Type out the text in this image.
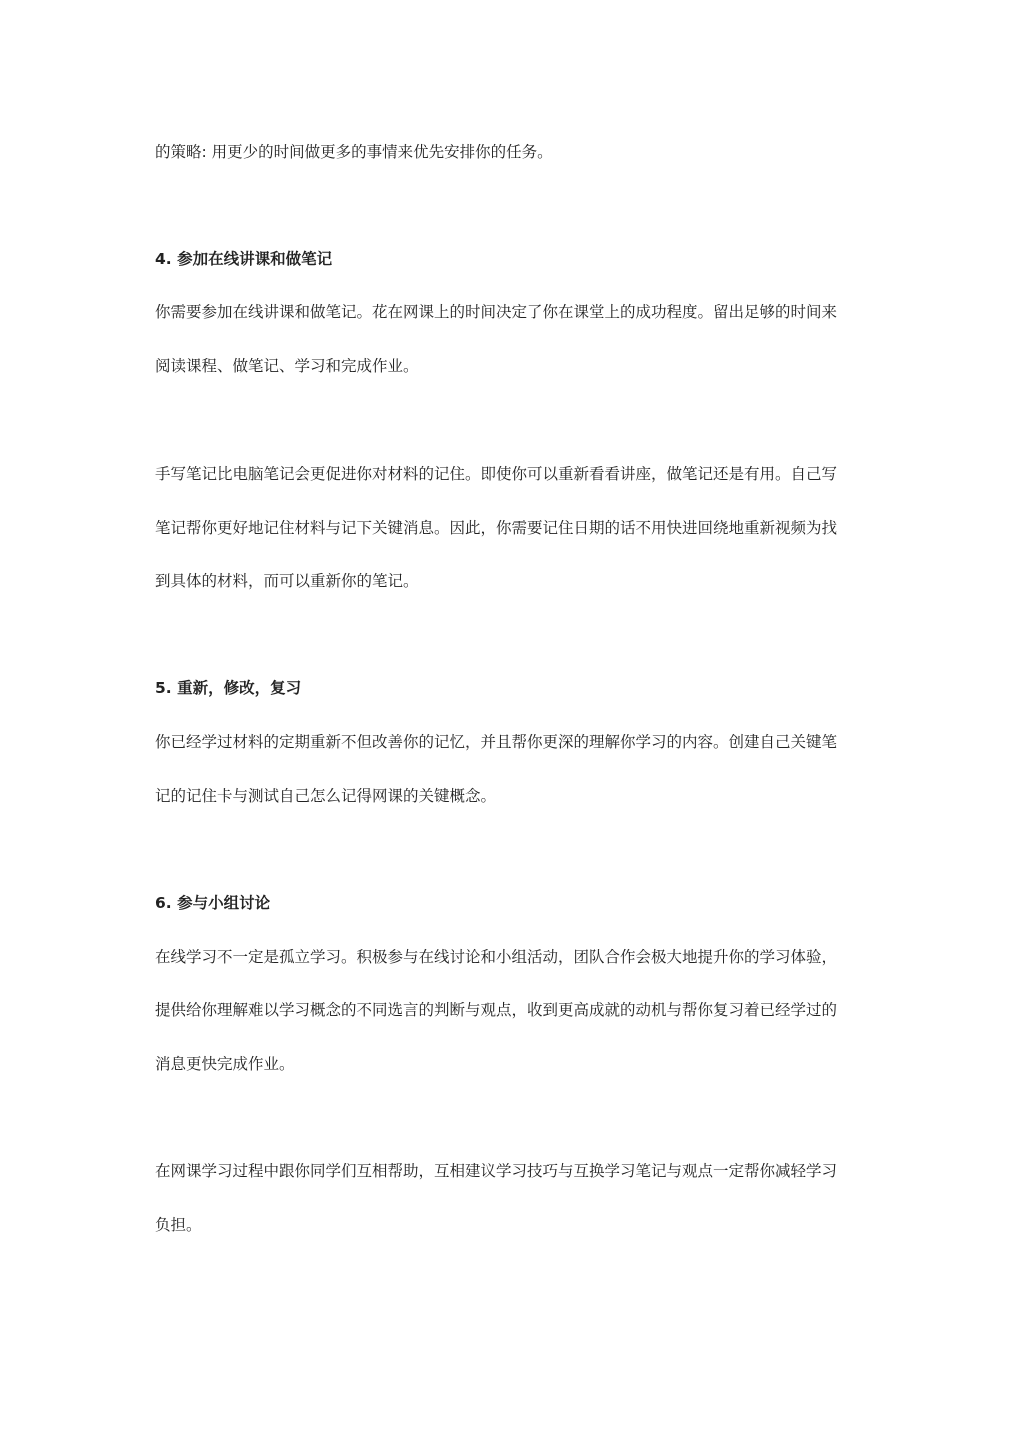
的策略: 用更少的时间做更多的事情来优先安排你的任务。
4. 参加在线讲课和做笔记
你需要参加在线讲课和做笔记。花在网课上的时间决定了你在课堂上的成功程度。留出足够的时间来
阅读课程、做笔记、学习和完成作业。
手写笔记比电脑笔记会更促进你对材料的记住。即使你可以重新看看讲座，做笔记还是有用。自己写
笔记帮你更好地记住材料与记下关键消息。因此，你需要记住日期的话不用快进回绕地重新视频为找
到具体的材料，而可以重新你的笔记。
5. 重新，修改，复习
你已经学过材料的定期重新不但改善你的记忆，并且帮你更深的理解你学习的内容。创建自己关键笔
记的记住卡与测试自己怎么记得网课的关键概念。
6. 参与小组讨论
在线学习不一定是孤立学习。积极参与在线讨论和小组活动，团队合作会极大地提升你的学习体验，
提供给你理解难以学习概念的不同选言的判断与观点，收到更高成就的动机与帮你复习着已经学过的
消息更快完成作业。
在网课学习过程中跟你同学们互相帮助，互相建议学习技巧与互换学习笔记与观点一定帮你减轻学习
负担。
